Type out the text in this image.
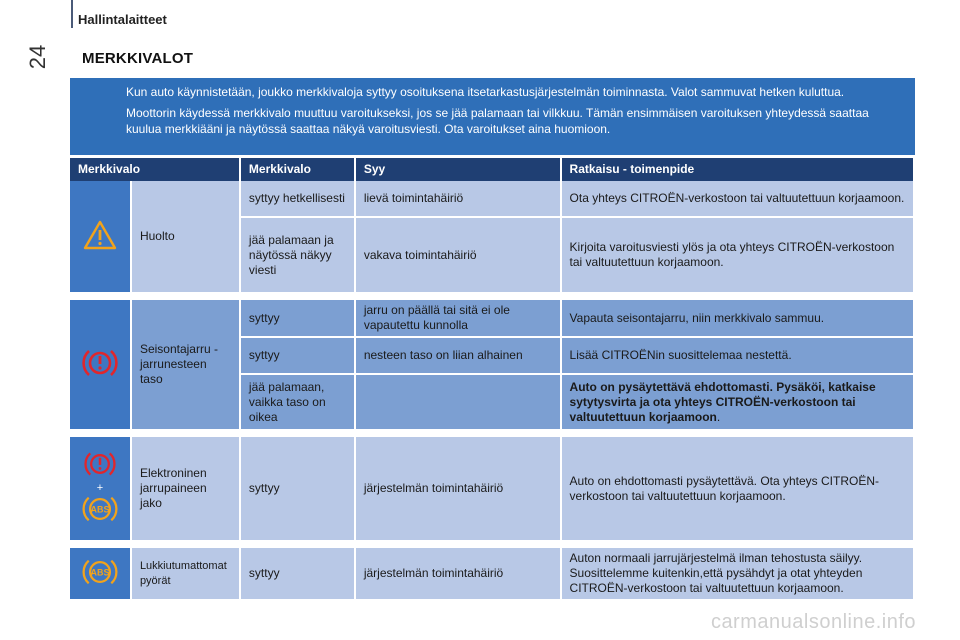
Hallintalaitteet
24 MERKKIVALOT

Kun auto käynnistetään, joukko merkkivaloja syttyy osoituksena itsetarkastusjärjestelmän toiminnasta. Valot sammuvat hetken kuluttua.

Moottorin käydessä merkkivalo muuttuu varoitukseksi, jos se jää palamaan tai vilkkuu. Tämän ensimmäisen varoituksen yhteydessä saattaa kuulua merkkiääni ja näytössä saattaa näkyä varoitusviesti. Ota varoitukset aina huomioon.

Merkkivalo		Merkkivalo	Syy	Ratkaisu - toimenpide
	Huolto	syttyy hetkellisesti	lievä toimintahäiriö	Ota yhteys CITROËN-verkostoon tai valtuutettuun korjaamoon.
		jää palamaan ja näytössä näkyy viesti	vakava toimintahäiriö	Kirjoita varoitusviesti ylös ja ota yhteys CITROËN-verkostoon tai valtuutettuun korjaamoon.

	Seisontajarru - jarrunesteen taso	syttyy	jarru on päällä tai sitä ei ole vapautettu kunnolla	Vapauta seisontajarru, niin merkkivalo sammuu.
		syttyy	nesteen taso on liian alhainen	Lisää CITROËNin suosittelemaa nestettä.
		jää palamaan, vaikka taso on oikea		Auto on pysäytettävä ehdottomasti. Pysäköi, katkaise sytytysvirta ja ota yhteys CITROËN-verkostoon tai valtuutettuun korjaamoon.

+
ABS	Elektroninen jarrupaineen jako	syttyy	järjestelmän toimintahäiriö	Auto on ehdottomasti pysäytettävä. Ota yhteys CITROËN-verkostoon tai valtuutettuun korjaamoon.

ABS	Lukkiutumattomat pyörät	syttyy	järjestelmän toimintahäiriö	Auton normaali jarrujärjestelmä ilman tehostusta säilyy. Suosittelemme kuitenkin,että pysähdyt ja otat yhteyden CITROËN-verkostoon tai valtuutettuun korjaamoon.
carmanualsonline.info
